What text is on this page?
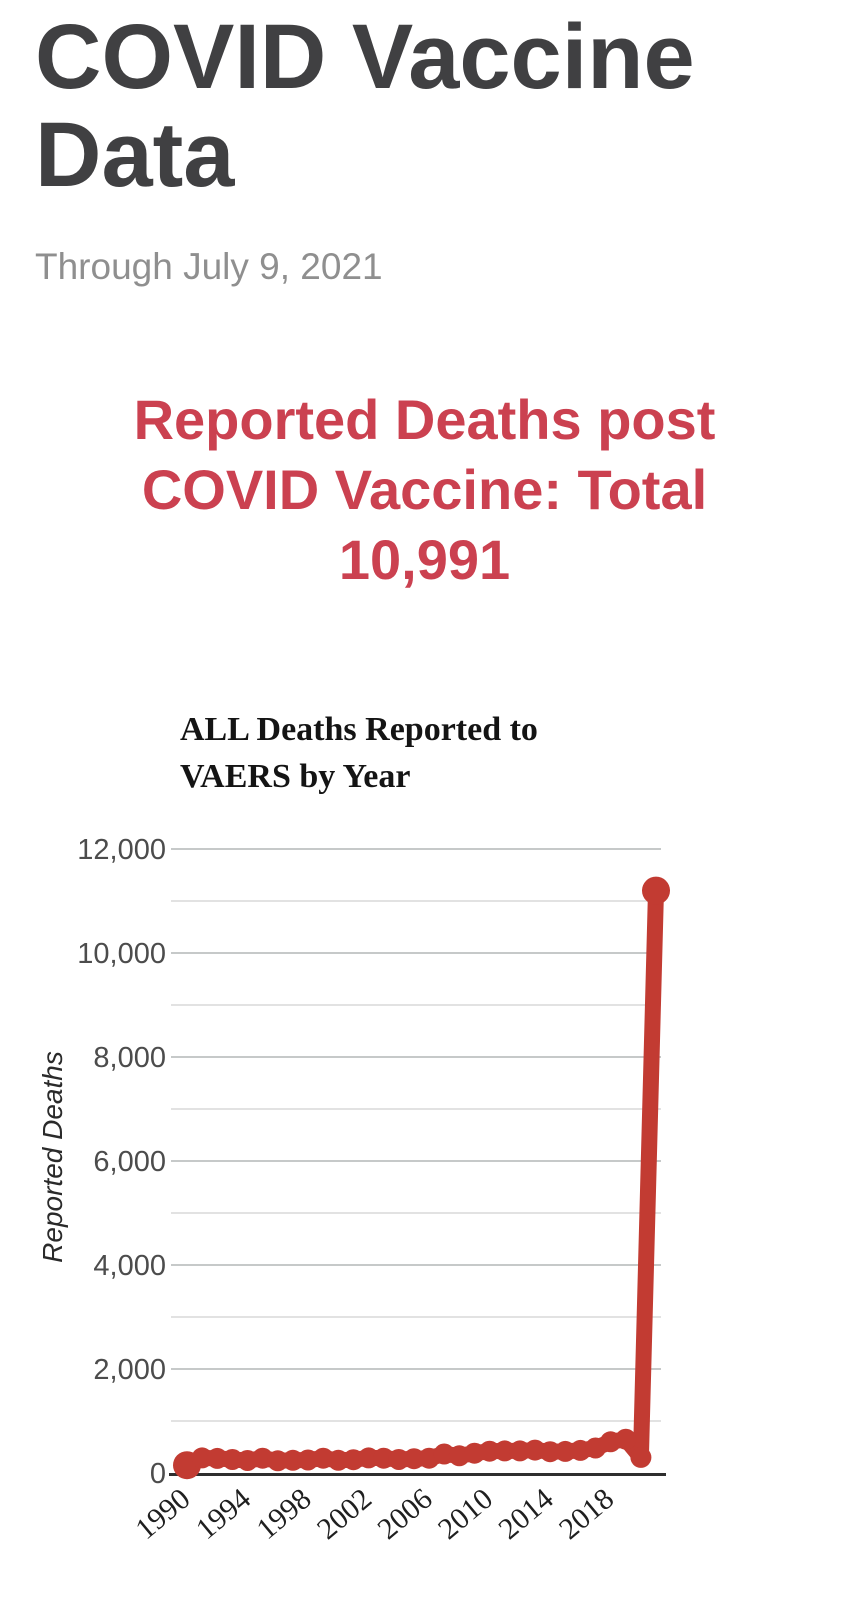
COVID Vaccine Data
Through July 9, 2021
Reported Deaths post
COVID Vaccine: Total
10,991
0
2,000
4,000
6,000
8,000
10,000
12,000
1990
1994
1998
2002
2006
2010
2014
2018
ALL Deaths Reported to
VAERS by Year
Reported Deaths
